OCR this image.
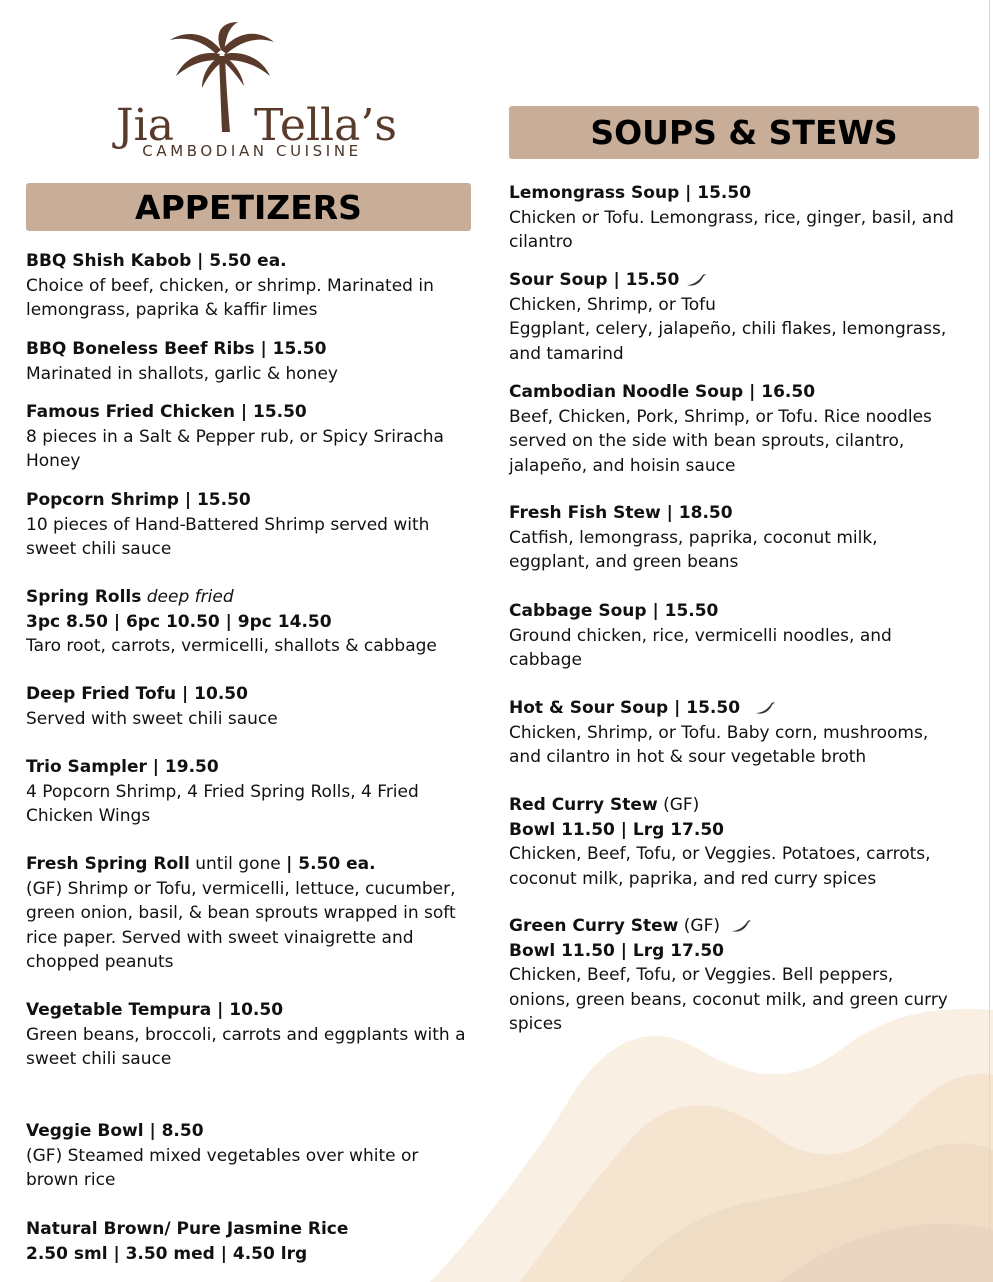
Jia Tella’s
CAMBODIAN CUISINE
APPETIZERS
BBQ Shish Kabob | 5.50 ea.
Choice of beef, chicken, or shrimp. Marinated in
lemongrass, paprika & kaffir limes
BBQ Boneless Beef Ribs | 15.50
Marinated in shallots, garlic & honey
Famous Fried Chicken | 15.50
8 pieces in a Salt & Pepper rub, or Spicy Sriracha
Honey
Popcorn Shrimp | 15.50
10 pieces of Hand-Battered Shrimp served with
sweet chili sauce
Spring Rolls deep fried
3pc 8.50 | 6pc 10.50 | 9pc 14.50
Taro root, carrots, vermicelli, shallots & cabbage
Deep Fried Tofu | 10.50
Served with sweet chili sauce
Trio Sampler | 19.50
4 Popcorn Shrimp, 4 Fried Spring Rolls, 4 Fried
Chicken Wings
Fresh Spring Roll until gone | 5.50 ea.
(GF) Shrimp or Tofu, vermicelli, lettuce, cucumber,
green onion, basil, & bean sprouts wrapped in soft
rice paper. Served with sweet vinaigrette and
chopped peanuts
Vegetable Tempura | 10.50
Green beans, broccoli, carrots and eggplants with a
sweet chili sauce
Veggie Bowl | 8.50
(GF) Steamed mixed vegetables over white or
brown rice
Natural Brown/ Pure Jasmine Rice
2.50 sml | 3.50 med | 4.50 lrg
SOUPS & STEWS
Lemongrass Soup | 15.50
Chicken or Tofu. Lemongrass, rice, ginger, basil, and
cilantro
Sour Soup | 15.50
Chicken, Shrimp, or Tofu
Eggplant, celery, jalapeño, chili flakes, lemongrass,
and tamarind
Cambodian Noodle Soup | 16.50
Beef, Chicken, Pork, Shrimp, or Tofu. Rice noodles
served on the side with bean sprouts, cilantro,
jalapeño, and hoisin sauce
Fresh Fish Stew | 18.50
Catfish, lemongrass, paprika, coconut milk,
eggplant, and green beans
Cabbage Soup | 15.50
Ground chicken, rice, vermicelli noodles, and
cabbage
Hot & Sour Soup | 15.50
Chicken, Shrimp, or Tofu. Baby corn, mushrooms,
and cilantro in hot & sour vegetable broth
Red Curry Stew (GF)
Bowl 11.50 | Lrg 17.50
Chicken, Beef, Tofu, or Veggies. Potatoes, carrots,
coconut milk, paprika, and red curry spices
Green Curry Stew (GF)
Bowl 11.50 | Lrg 17.50
Chicken, Beef, Tofu, or Veggies. Bell peppers,
onions, green beans, coconut milk, and green curry
spices
